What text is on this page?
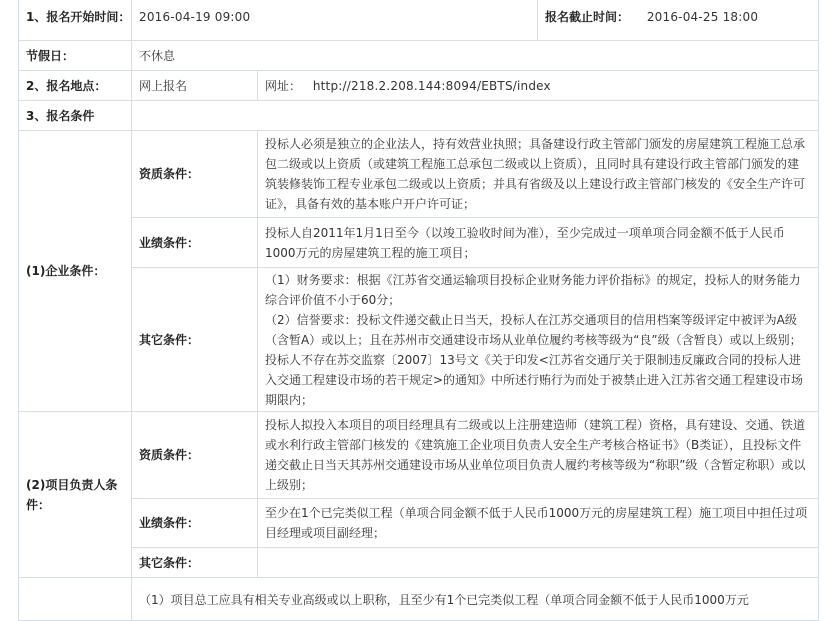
1、报名开始时间：	2016-04-19 09:00		报名截止时间： 2016-04-25 18:00
节假日：	不休息		
2、报名地点：	网上报名	网址： http://218.2.208.144:8094/EBTS/index	
3、报名条件			
(1)企业条件：	资质条件：	投标人必须是独立的企业法人，持有效营业执照；具备建设行政主管部门颁发的房屋建筑工程施工总承包二级或以上资质（或建筑工程施工总承包二级或以上资质），且同时具有建设行政主管部门颁发的建筑装修装饰工程专业承包二级或以上资质；并具有省级及以上建设行政主管部门核发的《安全生产许可证》，具备有效的基本账户开户许可证；	
	业绩条件：	投标人自2011年1月1日至今（以竣工验收时间为准），至少完成过一项单项合同金额不低于人民币1000万元的房屋建筑工程的施工项目；	
	其它条件：	（1）财务要求：根据《江苏省交通运输项目投标企业财务能力评价指标》的规定，投标人的财务能力综合评价值不小于60分；
（2）信誉要求：投标文件递交截止日当天，投标人在江苏交通项目的信用档案等级评定中被评为A级（含暂A）或以上；且在苏州市交通建设市场从业单位履约考核等级为“良”级（含暂良）或以上级别；投标人不存在苏交监察〔2007〕13号文《关于印发<江苏省交通厅关于限制违反廉政合同的投标人进入交通工程建设市场的若干规定>的通知》中所述行贿行为而处于被禁止进入江苏省交通工程建设市场期限内；	

(2)项目负责人条件：	资质条件：	投标人拟投入本项目的项目经理具有二级或以上注册建造师（建筑工程）资格，具有建设、交通、铁道或水利行政主管部门核发的《建筑施工企业项目负责人安全生产考核合格证书》（B类证），且投标文件递交截止日当天其苏州交通建设市场从业单位项目负责人履约考核等级为“称职”级（含暂定称职）或以上级别；	
	业绩条件：	至少在1个已完类似工程（单项合同金额不低于人民币1000万元的房屋建筑工程）施工项目中担任过项目经理或项目副经理；	
	其它条件：		
	（1）项目总工应具有相关专业高级或以上职称，且至少有1个已完类似工程（单项合同金额不低于人民币1000万元		
